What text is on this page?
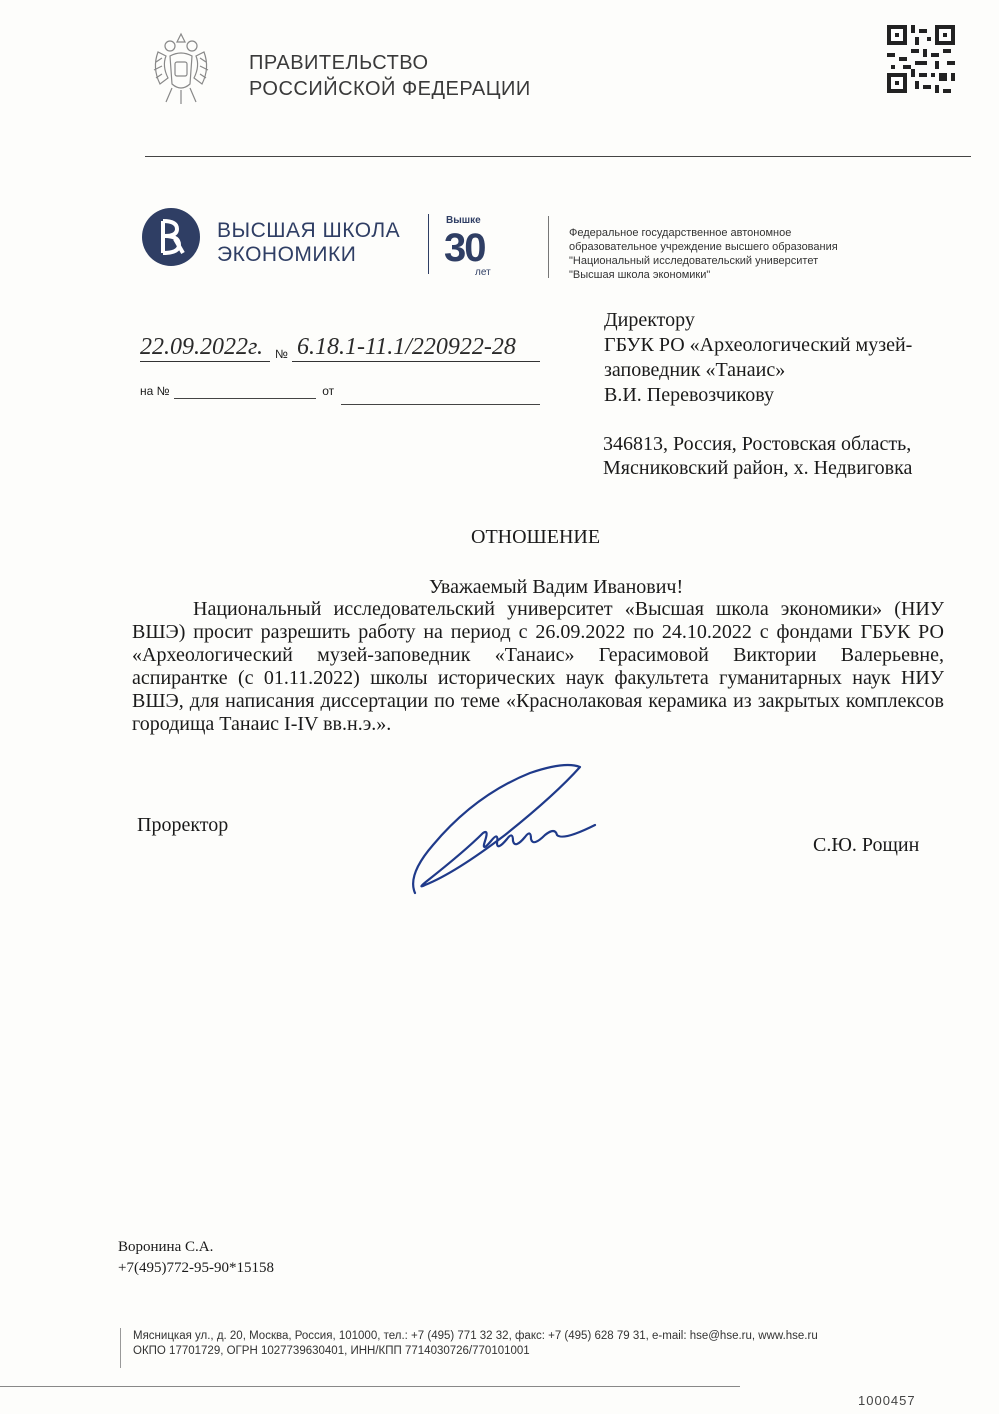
ПРАВИТЕЛЬСТВО
РОССИЙСКОЙ ФЕДЕРАЦИИ
ВЫСШАЯ ШКОЛА
ЭКОНОМИКИ
Вышке
30
лет
Федеральное государственное автономное
образовательное учреждение высшего образования
"Национальный исследовательский университет
"Высшая школа экономики"
22.09.2022г. 6.18.1-11.1/220922-28
№
на №	от
Директору
ГБУК РО «Археологический музей-
заповедник «Танаис»
В.И. Перевозчикову
346813, Россия, Ростовская область,
Мясниковский район, х. Недвиговка
ОТНОШЕНИЕ
Уважаемый Вадим Иванович!
Национальный исследовательский университет «Высшая школа экономики» (НИУ ВШЭ) просит разрешить работу на период с 26.09.2022 по 24.10.2022 с фондами ГБУК РО «Археологический музей-заповедник «Танаис» Герасимовой Виктории Валерьевне, аспирантке (с 01.11.2022) школы исторических наук факультета гуманитарных наук НИУ ВШЭ, для написания диссертации по теме «Краснолаковая керамика из закрытых комплексов городища Танаис I-IV вв.н.э.».
Проректор
С.Ю. Рощин
Воронина С.А.
+7(495)772-95-90*15158
Мясницкая ул., д. 20, Москва, Россия, 101000, тел.: +7 (495) 771 32 32, факс: +7 (495) 628 79 31, e-mail: hse@hse.ru, www.hse.ru
ОКПО 17701729, ОГРН 1027739630401, ИНН/КПП 7714030726/770101001
1000457
